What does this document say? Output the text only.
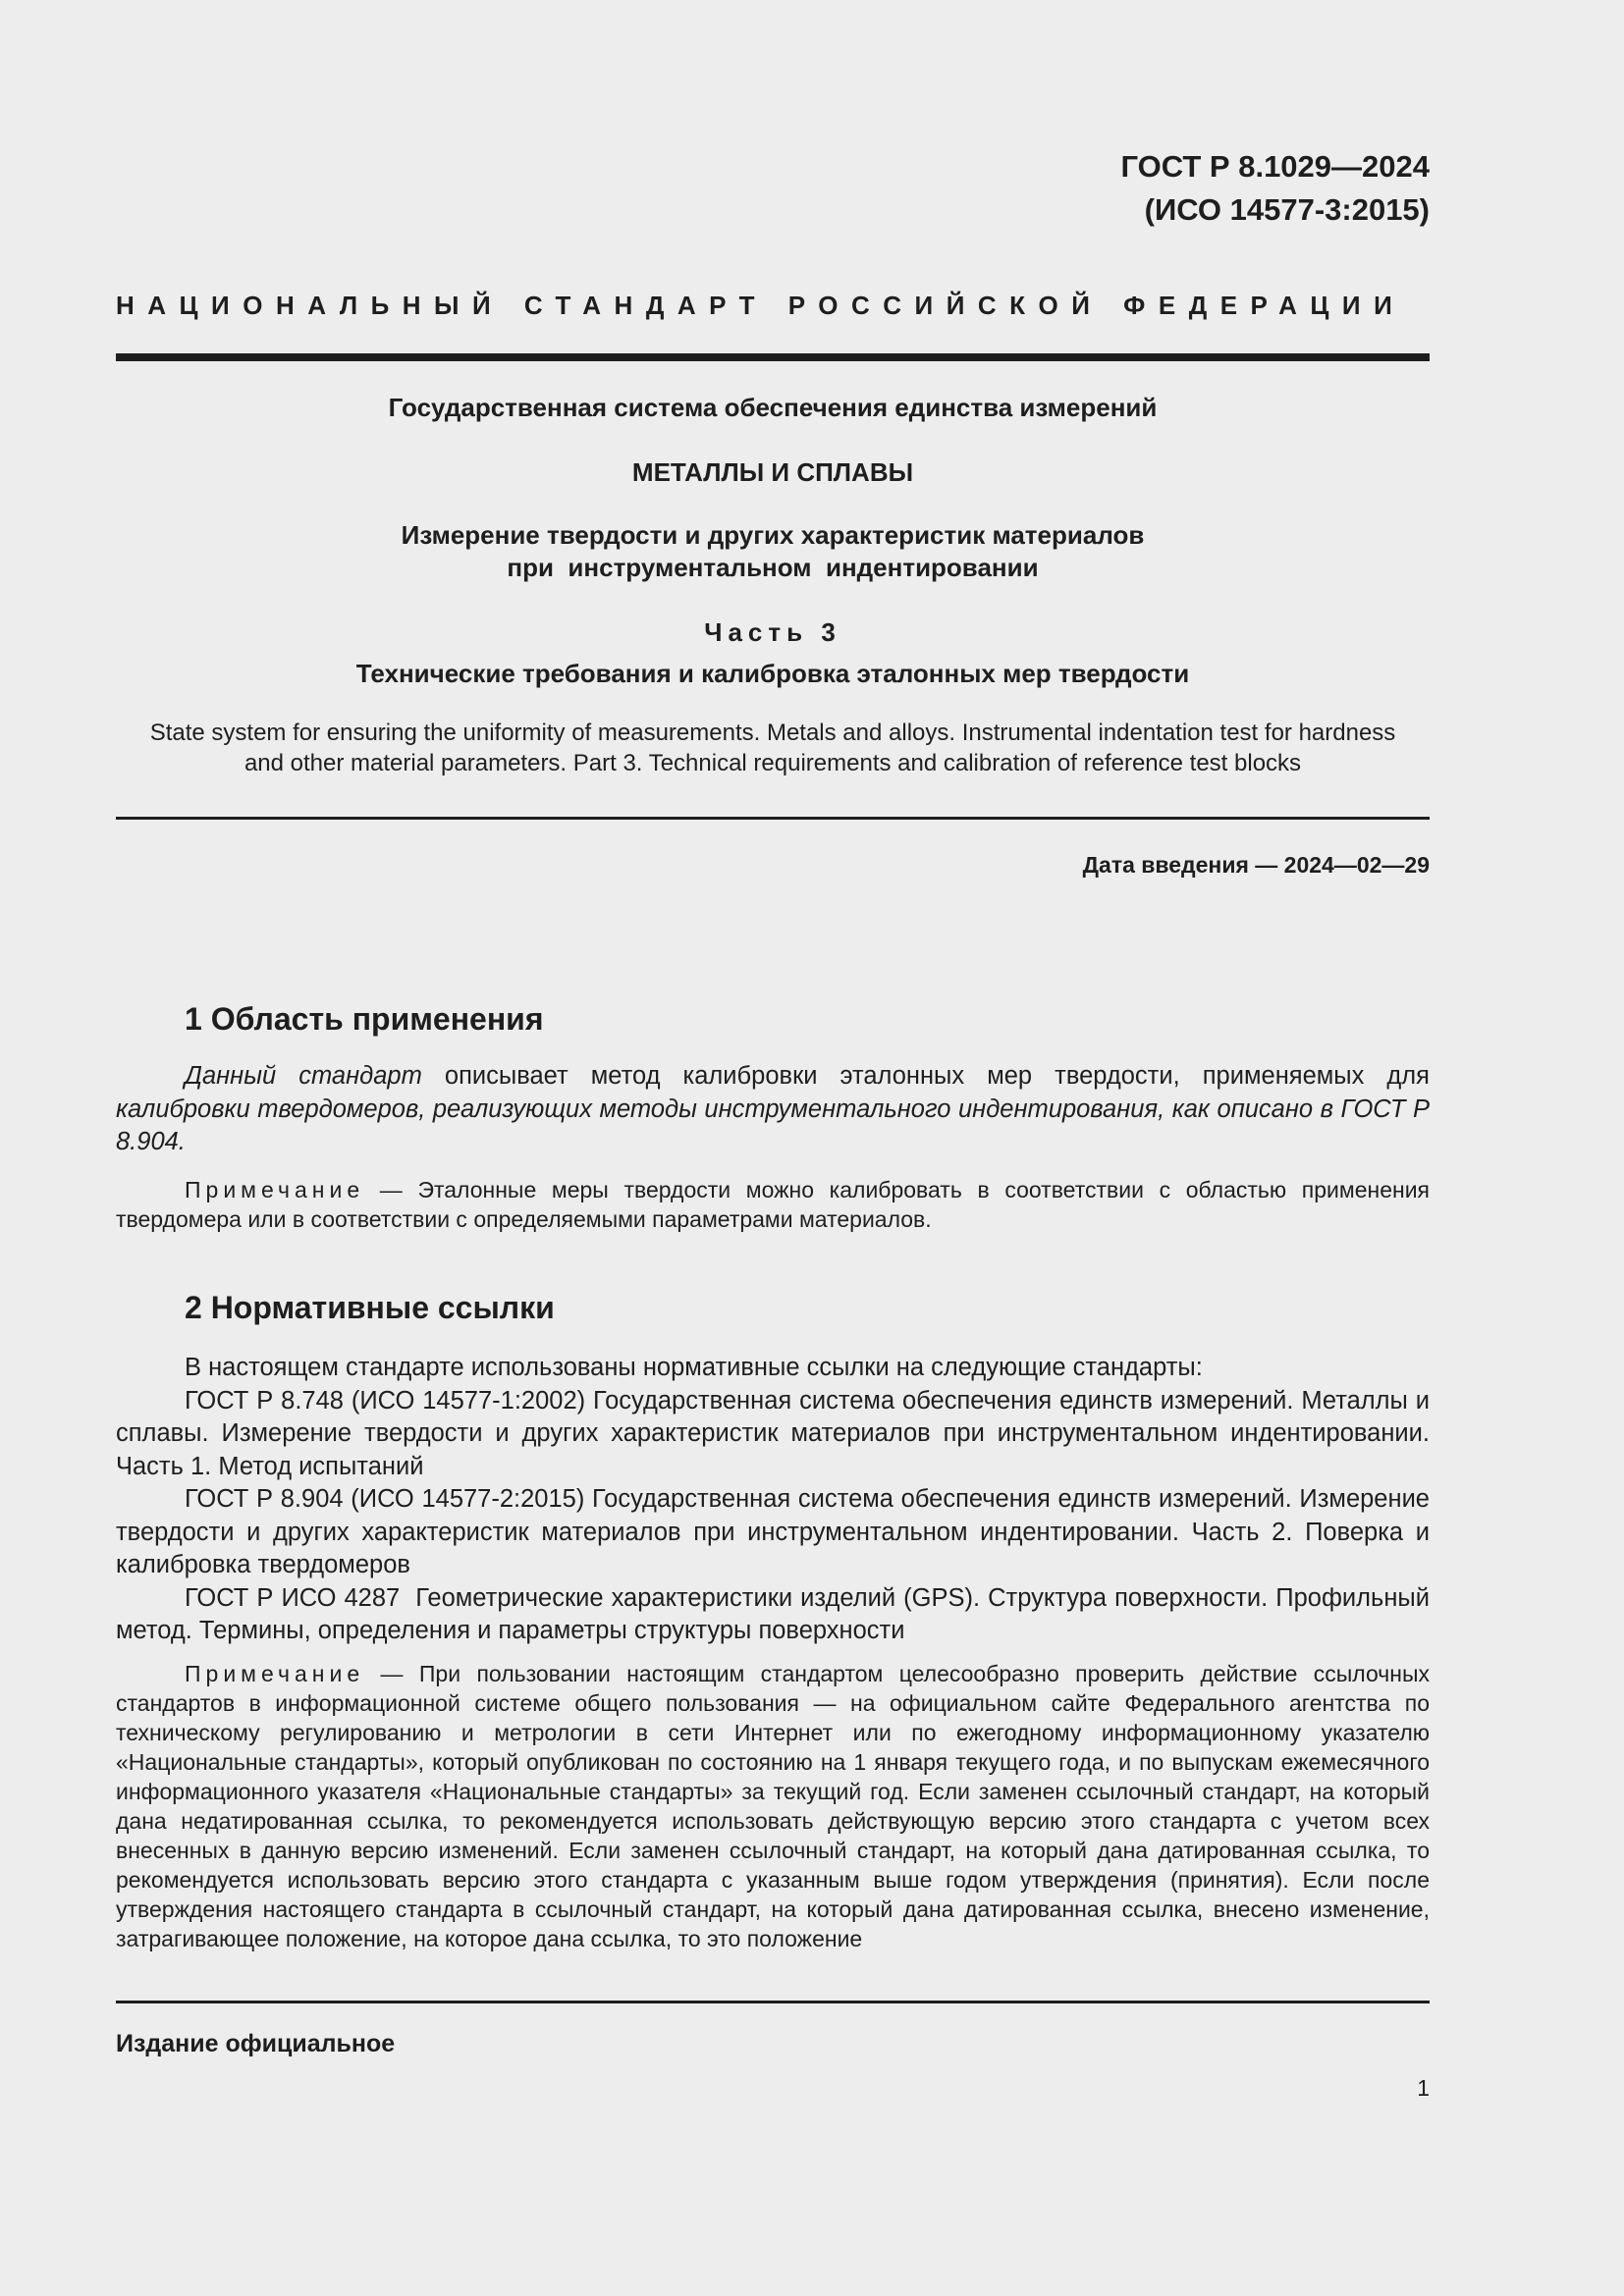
ГОСТ Р 8.1029—2024
(ИСО 14577-3:2015)
НАЦИОНАЛЬНЫЙ СТАНДАРТ РОССИЙСКОЙ ФЕДЕРАЦИИ
Государственная система обеспечения единства измерений
МЕТАЛЛЫ И СПЛАВЫ
Измерение твердости и других характеристик материалов
при  инструментальном  индентировании
Часть 3
Технические требования и калибровка эталонных мер твердости
State system for ensuring the uniformity of measurements. Metals and alloys. Instrumental indentation test for hardness
and other material parameters. Part 3. Technical requirements and calibration of reference test blocks
Дата введения — 2024—02—29
1 Область применения

Данный стандарт описывает метод калибровки эталонных мер твердости, применяемых для калибровки твердомеров, реализующих методы инструментального индентирования, как описано в ГОСТ Р 8.904.

Примечание — Эталонные меры твердости можно калибровать в соответствии с областью применения твердомера или в соответствии с определяемыми параметрами материалов.

2 Нормативные ссылки

В настоящем стандарте использованы нормативные ссылки на следующие стандарты:

ГОСТ Р 8.748 (ИСО 14577-1:2002) Государственная система обеспечения единств измерений. Металлы и сплавы. Измерение твердости и других характеристик материалов при инструментальном индентировании. Часть 1. Метод испытаний

ГОСТ Р 8.904 (ИСО 14577-2:2015) Государственная система обеспечения единств измерений. Измерение твердости и других характеристик материалов при инструментальном индентировании. Часть 2. Поверка и калибровка твердомеров

ГОСТ Р ИСО 4287  Геометрические характеристики изделий (GPS). Структура поверхности. Профильный метод. Термины, определения и параметры структуры поверхности

Примечание — При пользовании настоящим стандартом целесообразно проверить действие ссылочных стандартов в информационной системе общего пользования — на официальном сайте Федерального агентства по техническому регулированию и метрологии в сети Интернет или по ежегодному информационному указателю «Национальные стандарты», который опубликован по состоянию на 1 января текущего года, и по выпускам ежемесячного информационного указателя «Национальные стандарты» за текущий год. Если заменен ссылочный стандарт, на который дана недатированная ссылка, то рекомендуется использовать действующую версию этого стандарта с учетом всех внесенных в данную версию изменений. Если заменен ссылочный стандарт, на который дана датированная ссылка, то рекомендуется использовать версию этого стандарта с указанным выше годом утверждения (принятия). Если после утверждения настоящего стандарта в ссылочный стандарт, на который дана датированная ссылка, внесено изменение, затрагивающее положение, на которое дана ссылка, то это положение

Издание официальное
1
